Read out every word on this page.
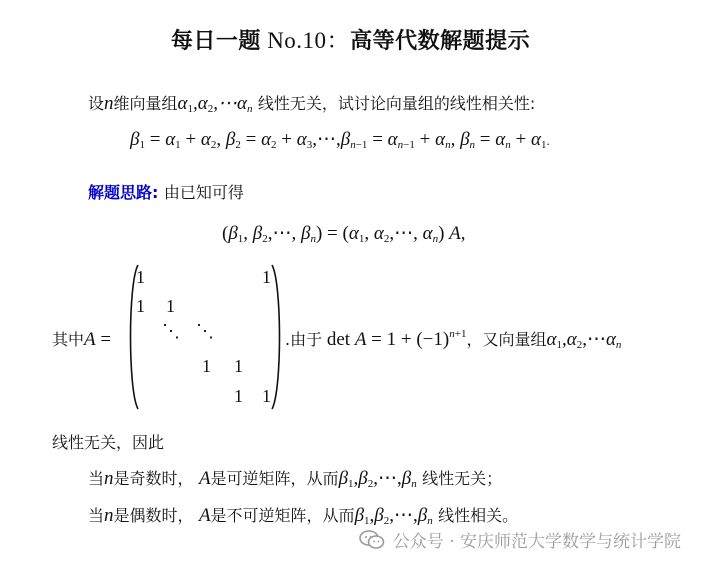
每日一题 No.10：高等代数解题提示
设n维向量组$\alpha_1,\alpha_2,\cdots\alpha_n$ 线性无关，试讨论向量组的线性相关性:
$\beta_1 = \alpha_1 + \alpha_2$, $\beta_2 = \alpha_2$ + $\alpha_3,\cdots,\beta_{n-1} = \alpha_{n-1} + \alpha_n$, $\beta_n = \alpha_n + \alpha_1$.
解题思路: 由已知可得
($\beta_1$, $\beta_2,\cdots$, $\beta_n) = (\alpha_1$, $\alpha_2,\cdots$, $\alpha_n$) A,
其中A =
1	1
1 1
⋱ ⋱
1 1
1 1
.由于 $\det A = 1 + (-1)^{n+1}$，又向量组$\alpha_1,\alpha_2,\cdots\alpha_n$
线性无关，因此
当n是奇数时， A是可逆矩阵，从而$\beta_1,\beta_2,\cdots,\beta_n$ 线性无关；
当n是偶数时， A是不可逆矩阵，从而$\beta_1,\beta_2,\cdots,\beta_n$ 线性相关。
公众号 · 安庆师范大学数学与统计学院
